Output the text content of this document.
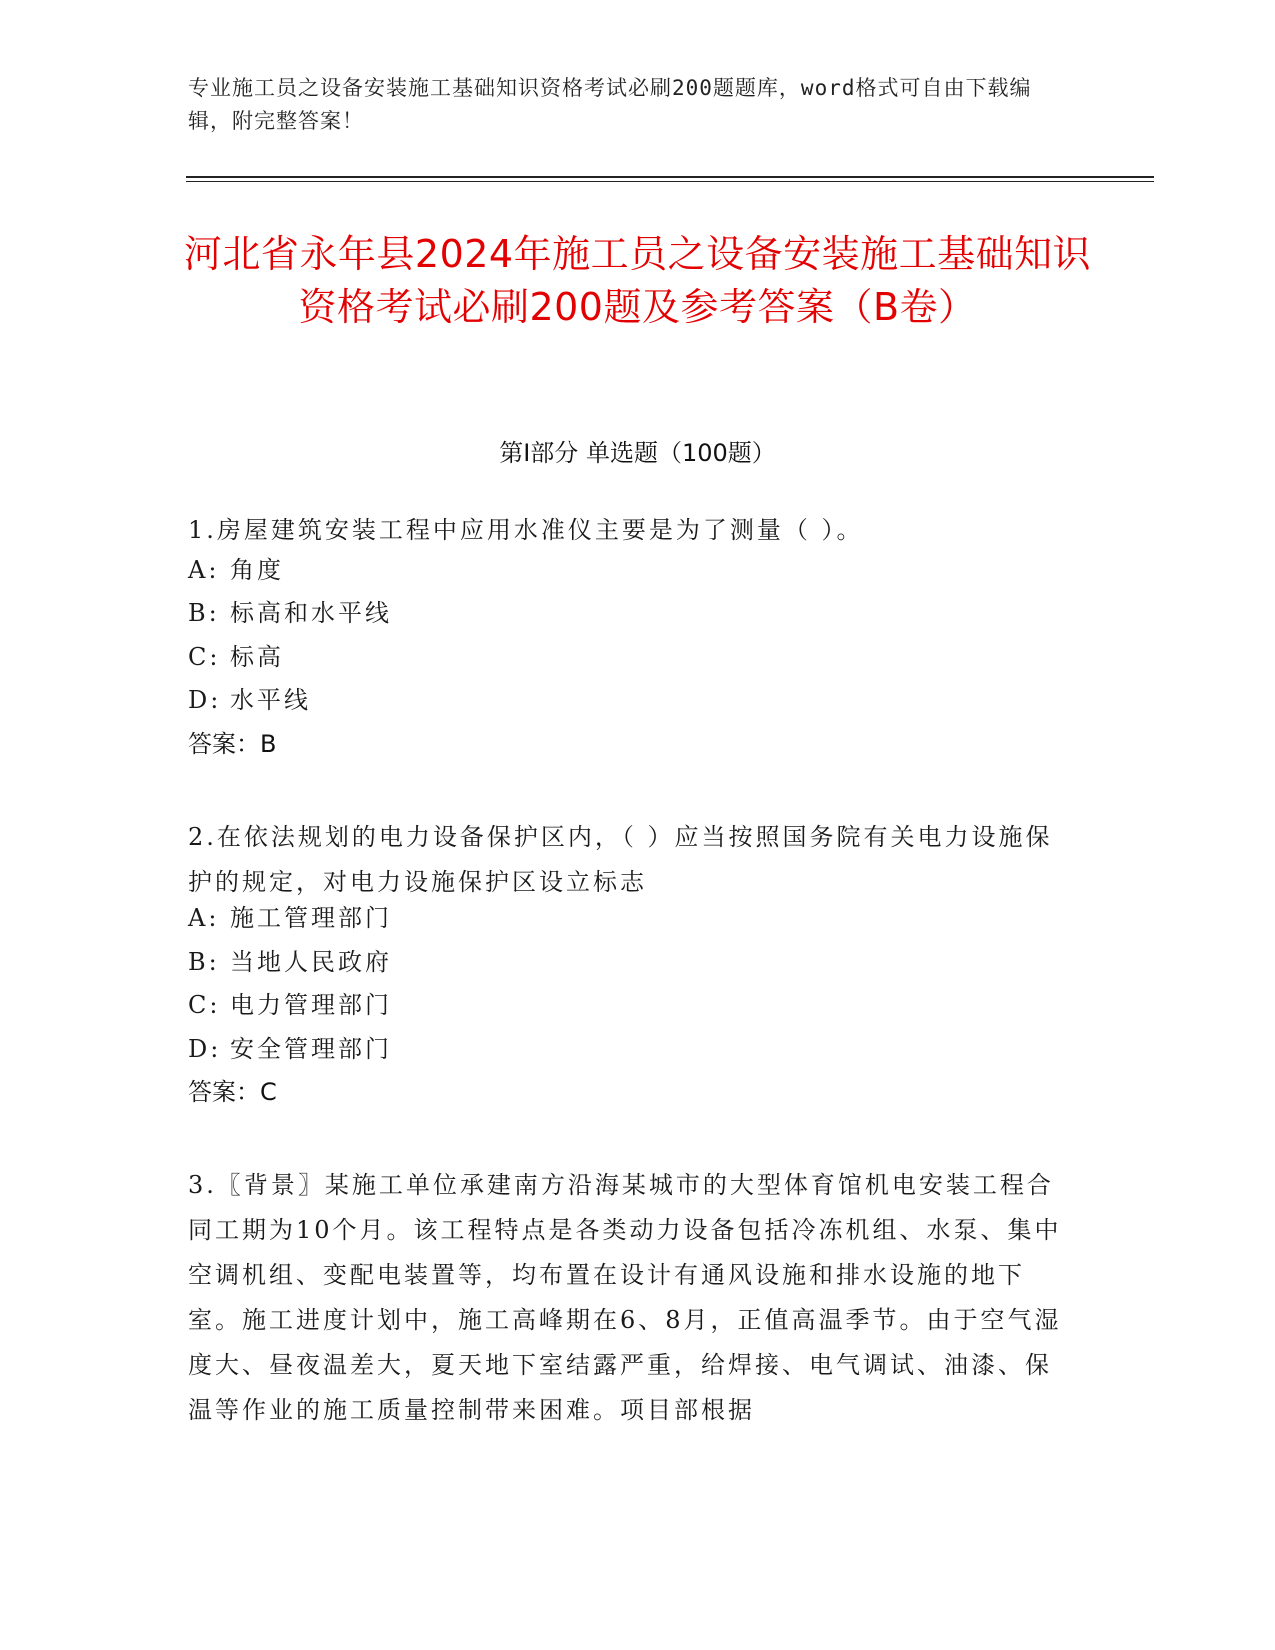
专业施工员之设备安装施工基础知识资格考试必刷200题题库，word格式可自由下载编辑，附完整答案！
河北省永年县2024年施工员之设备安装施工基础知识资格考试必刷200题及参考答案（B卷）
第Ⅰ部分 单选题（100题）
1.房屋建筑安装工程中应用水准仪主要是为了测量（ ）。
A: 角度
B: 标高和水平线
C: 标高
D: 水平线
答案：B
2.在依法规划的电力设备保护区内，（ ）应当按照国务院有关电力设施保护的规定，对电力设施保护区设立标志
A: 施工管理部门
B: 当地人民政府
C: 电力管理部门
D: 安全管理部门
答案：C
3.〖背景〗某施工单位承建南方沿海某城市的大型体育馆机电安装工程合同工期为10个月。该工程特点是各类动力设备包括冷冻机组、水泵、集中空调机组、变配电装置等，均布置在设计有通风设施和排水设施的地下室。施工进度计划中，施工高峰期在6、8月，正值高温季节。由于空气湿度大、昼夜温差大，夏天地下室结露严重，给焊接、电气调试、油漆、保温等作业的施工质量控制带来困难。项目部根据
